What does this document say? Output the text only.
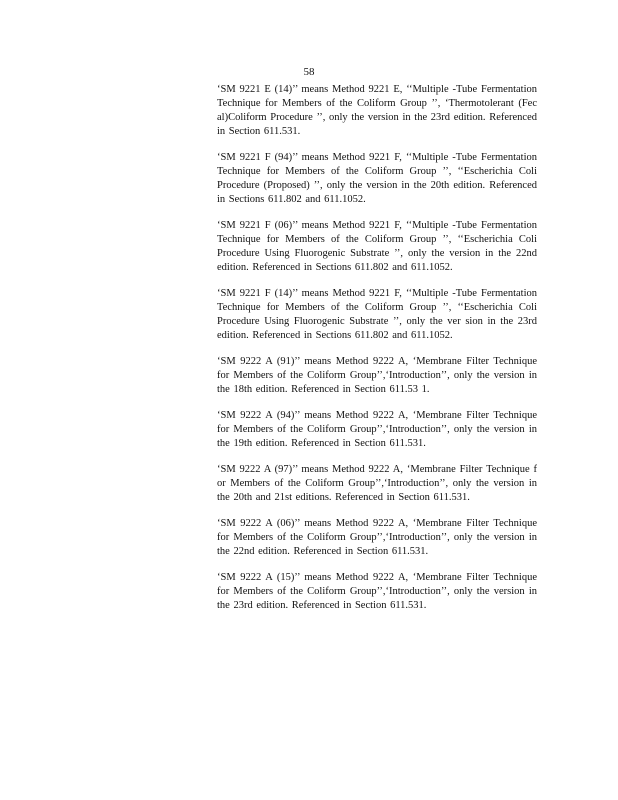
58

‘SM 9221 E (14)’’ means Method 9221 E, ‘‘Multiple -Tube Fermentation Technique for Members of the Coliform Group ’’, ‘Thermotolerant (Fec al)Coliform Procedure ’’, only the version in the 23rd edition. Referenced in Section 611.531.

‘SM 9221 F (94)’’ means Method 9221 F, ‘‘Multiple -Tube Fermentation Technique for Members of the Coliform Group ’’, ‘‘Escherichia Coli Procedure (Proposed) ’’, only the version in the 20th edition. Referenced in Sections 611.802 and 611.1052.

‘SM 9221 F (06)’’ means Method 9221 F, ‘‘Multiple -Tube Fermentation Technique for Members of the Coliform Group ’’, ‘‘Escherichia Coli Procedure Using Fluorogenic Substrate ’’, only the version in the 22nd edition. Referenced in Sections 611.802 and 611.1052.

‘SM 9221 F (14)’’ means Method 9221 F, ‘‘Multiple -Tube Fermentation Technique for Members of the Coliform Group ’’, ‘‘Escherichia Coli Procedure Using Fluorogenic Substrate ’’, only the ver sion in the 23rd edition. Referenced in Sections 611.802 and 611.1052.

‘SM 9222 A (91)’’ means Method 9222 A, ‘Membrane Filter Technique for Members of the Coliform Group’’,‘Introduction’’, only the version in the 18th edition. Referenced in Section 611.53 1.

‘SM 9222 A (94)’’ means Method 9222 A, ‘Membrane Filter Technique for Members of the Coliform Group’’,‘Introduction’’, only the version in the 19th edition. Referenced in Section 611.531.

‘SM 9222 A (97)’’ means Method 9222 A, ‘Membrane Filter Technique f or Members of the Coliform Group’’,‘Introduction’’, only the version in the 20th and 21st editions. Referenced in Section 611.531.

‘SM 9222 A (06)’’ means Method 9222 A, ‘Membrane Filter Technique for Members of the Coliform Group’’,‘Introduction’’, only the version in the 22nd edition. Referenced in Section 611.531.

‘SM 9222 A (15)’’ means Method 9222 A, ‘Membrane Filter Technique for Members of the Coliform Group’’,‘Introduction’’, only the version in the 23rd edition. Referenced in Section 611.531.
